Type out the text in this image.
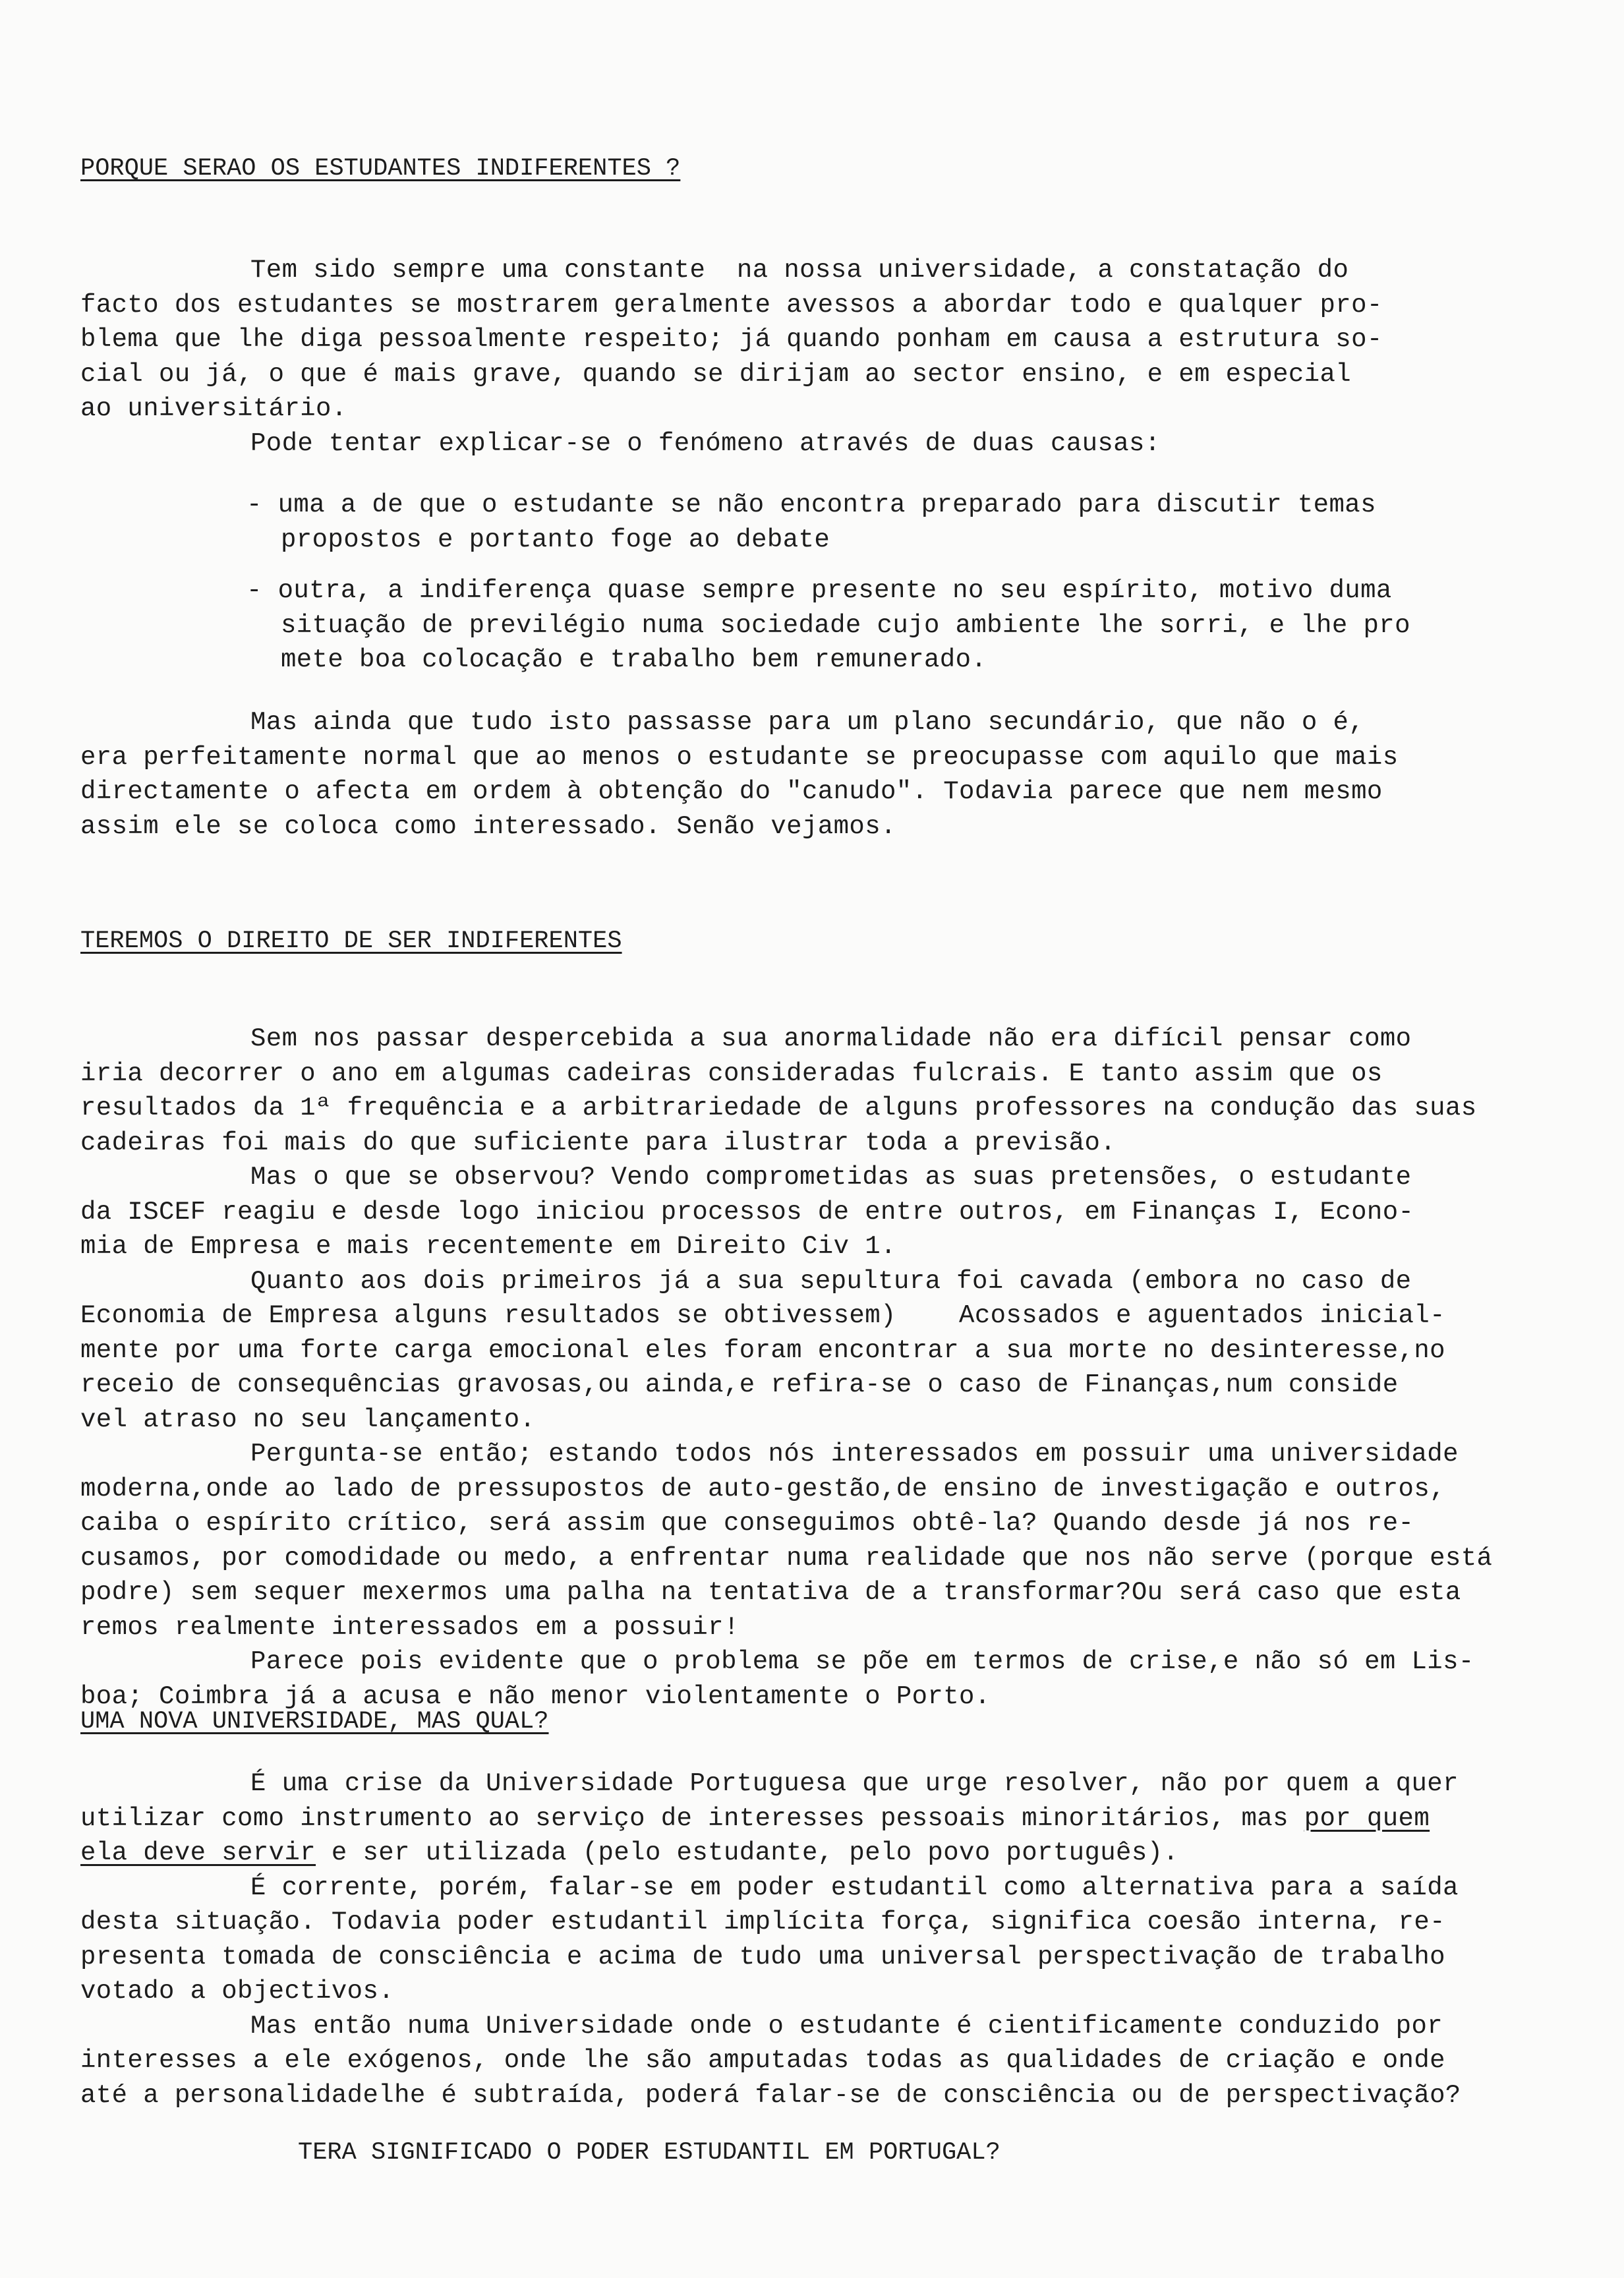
PORQUE SERAO OS ESTUDANTES INDIFERENTES ?
Tem sido sempre uma constante  na nossa universidade, a constatação do
facto dos estudantes se mostrarem geralmente avessos a abordar todo e qualquer pro-
blema que lhe diga pessoalmente respeito; já quando ponham em causa a estrutura so-
cial ou já, o que é mais grave, quando se dirijam ao sector ensino, e em especial
ao universitário.
Pode tentar explicar-se o fenómeno através de duas causas:
- uma a de que o estudante se não encontra preparado para discutir temas
propostos e portanto foge ao debate
- outra, a indiferença quase sempre presente no seu espírito, motivo duma
situação de previlégio numa sociedade cujo ambiente lhe sorri, e lhe pro
mete boa colocação e trabalho bem remunerado.
Mas ainda que tudo isto passasse para um plano secundário, que não o é,
era perfeitamente normal que ao menos o estudante se preocupasse com aquilo que mais
directamente o afecta em ordem à obtenção do "canudo". Todavia parece que nem mesmo
assim ele se coloca como interessado. Senão vejamos.
TEREMOS O DIREITO DE SER INDIFERENTES
Sem nos passar despercebida a sua anormalidade não era difícil pensar como
iria decorrer o ano em algumas cadeiras consideradas fulcrais. E tanto assim que os
resultados da 1ª frequência e a arbitrariedade de alguns professores na condução das suas
cadeiras foi mais do que suficiente para ilustrar toda a previsão.
Mas o que se observou? Vendo comprometidas as suas pretensões, o estudante
da ISCEF reagiu e desde logo iniciou processos de entre outros, em Finanças I, Econo-
mia de Empresa e mais recentemente em Direito Civ 1.
Quanto aos dois primeiros já a sua sepultura foi cavada (embora no caso de
Economia de Empresa alguns resultados se obtivessem)    Acossados e aguentados inicial-
mente por uma forte carga emocional eles foram encontrar a sua morte no desinteresse,no
receio de consequências gravosas,ou ainda,e refira-se o caso de Finanças,num conside
vel atraso no seu lançamento.
Pergunta-se então; estando todos nós interessados em possuir uma universidade
moderna,onde ao lado de pressupostos de auto-gestão,de ensino de investigação e outros,
caiba o espírito crítico, será assim que conseguimos obtê-la? Quando desde já nos re-
cusamos, por comodidade ou medo, a enfrentar numa realidade que nos não serve (porque está
podre) sem sequer mexermos uma palha na tentativa de a transformar?Ou será caso que esta
remos realmente interessados em a possuir!
Parece pois evidente que o problema se põe em termos de crise,e não só em Lis-
boa; Coimbra já a acusa e não menor violentamente o Porto.
UMA NOVA UNIVERSIDADE, MAS QUAL?
É uma crise da Universidade Portuguesa que urge resolver, não por quem a quer
utilizar como instrumento ao serviço de interesses pessoais minoritários, mas por quem
ela deve servir e ser utilizada (pelo estudante, pelo povo português).
É corrente, porém, falar-se em poder estudantil como alternativa para a saída
desta situação. Todavia poder estudantil implícita força, significa coesão interna, re-
presenta tomada de consciência e acima de tudo uma universal perspectivação de trabalho
votado a objectivos.
Mas então numa Universidade onde o estudante é cientificamente conduzido por
interesses a ele exógenos, onde lhe são amputadas todas as qualidades de criação e onde
até a personalidadelhe é subtraída, poderá falar-se de consciência ou de perspectivação?
TERA SIGNIFICADO O PODER ESTUDANTIL EM PORTUGAL?
